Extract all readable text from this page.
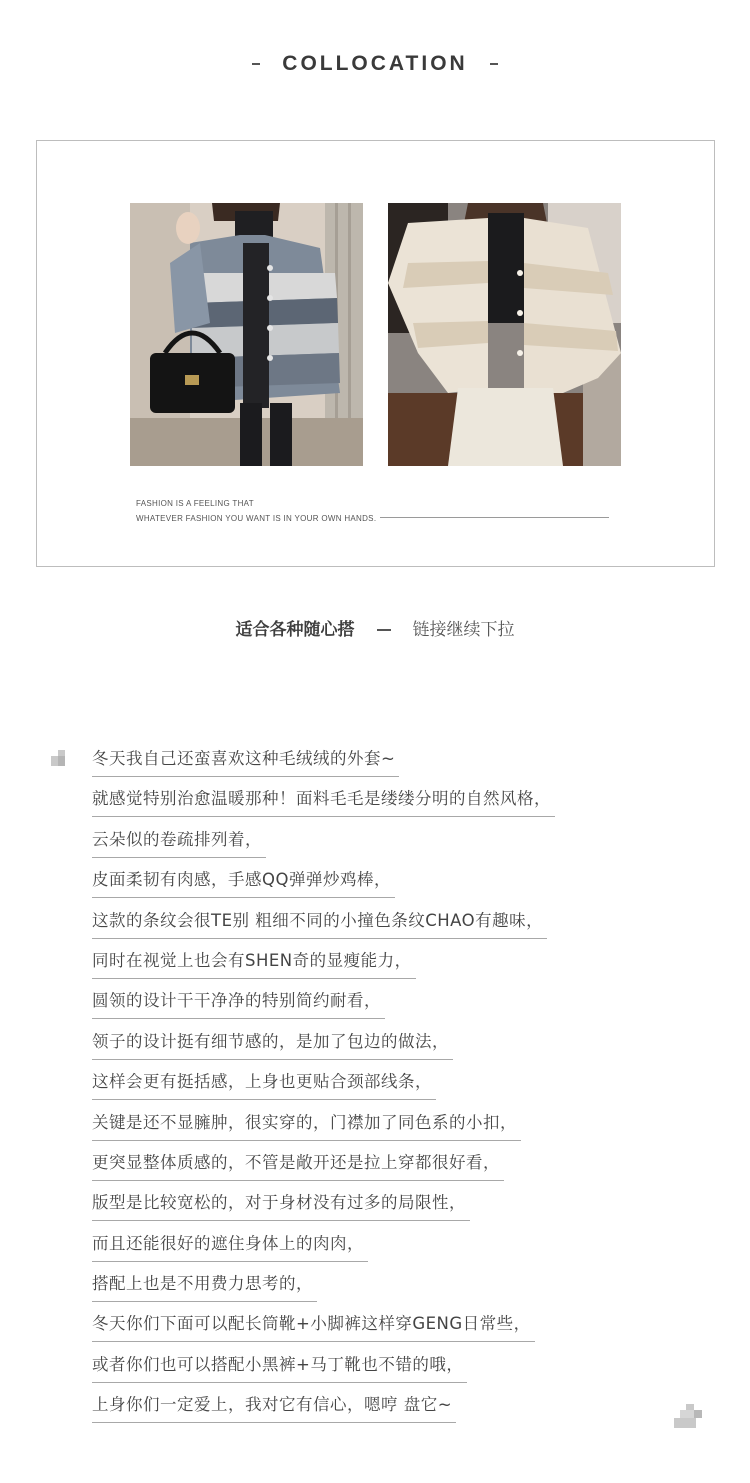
COLLOCATION
FASHION IS A FEELING THAT
WHATEVER FASHION YOU WANT IS IN YOUR OWN HANDS.
适合各种随心搭	链接继续下拉
冬天我自己还蛮喜欢这种毛绒绒的外套~
就感觉特别治愈温暖那种！面料毛毛是缕缕分明的自然风格，
云朵似的卷疏排列着，
皮面柔韧有肉感，手感QQ弹弹炒鸡棒，
这款的条纹会很TE别 粗细不同的小撞色条纹CHAO有趣味，
同时在视觉上也会有SHEN奇的显瘦能力，
圆领的设计干干净净的特别简约耐看，
领子的设计挺有细节感的，是加了包边的做法，
这样会更有挺括感，上身也更贴合颈部线条，
关键是还不显臃肿，很实穿的，门襟加了同色系的小扣，
更突显整体质感的，不管是敞开还是拉上穿都很好看，
版型是比较宽松的，对于身材没有过多的局限性，
而且还能很好的遮住身体上的肉肉，
搭配上也是不用费力思考的，
冬天你们下面可以配长筒靴+小脚裤这样穿GENG日常些，
或者你们也可以搭配小黑裤+马丁靴也不错的哦，
上身你们一定爱上，我对它有信心，嗯哼 盘它~
